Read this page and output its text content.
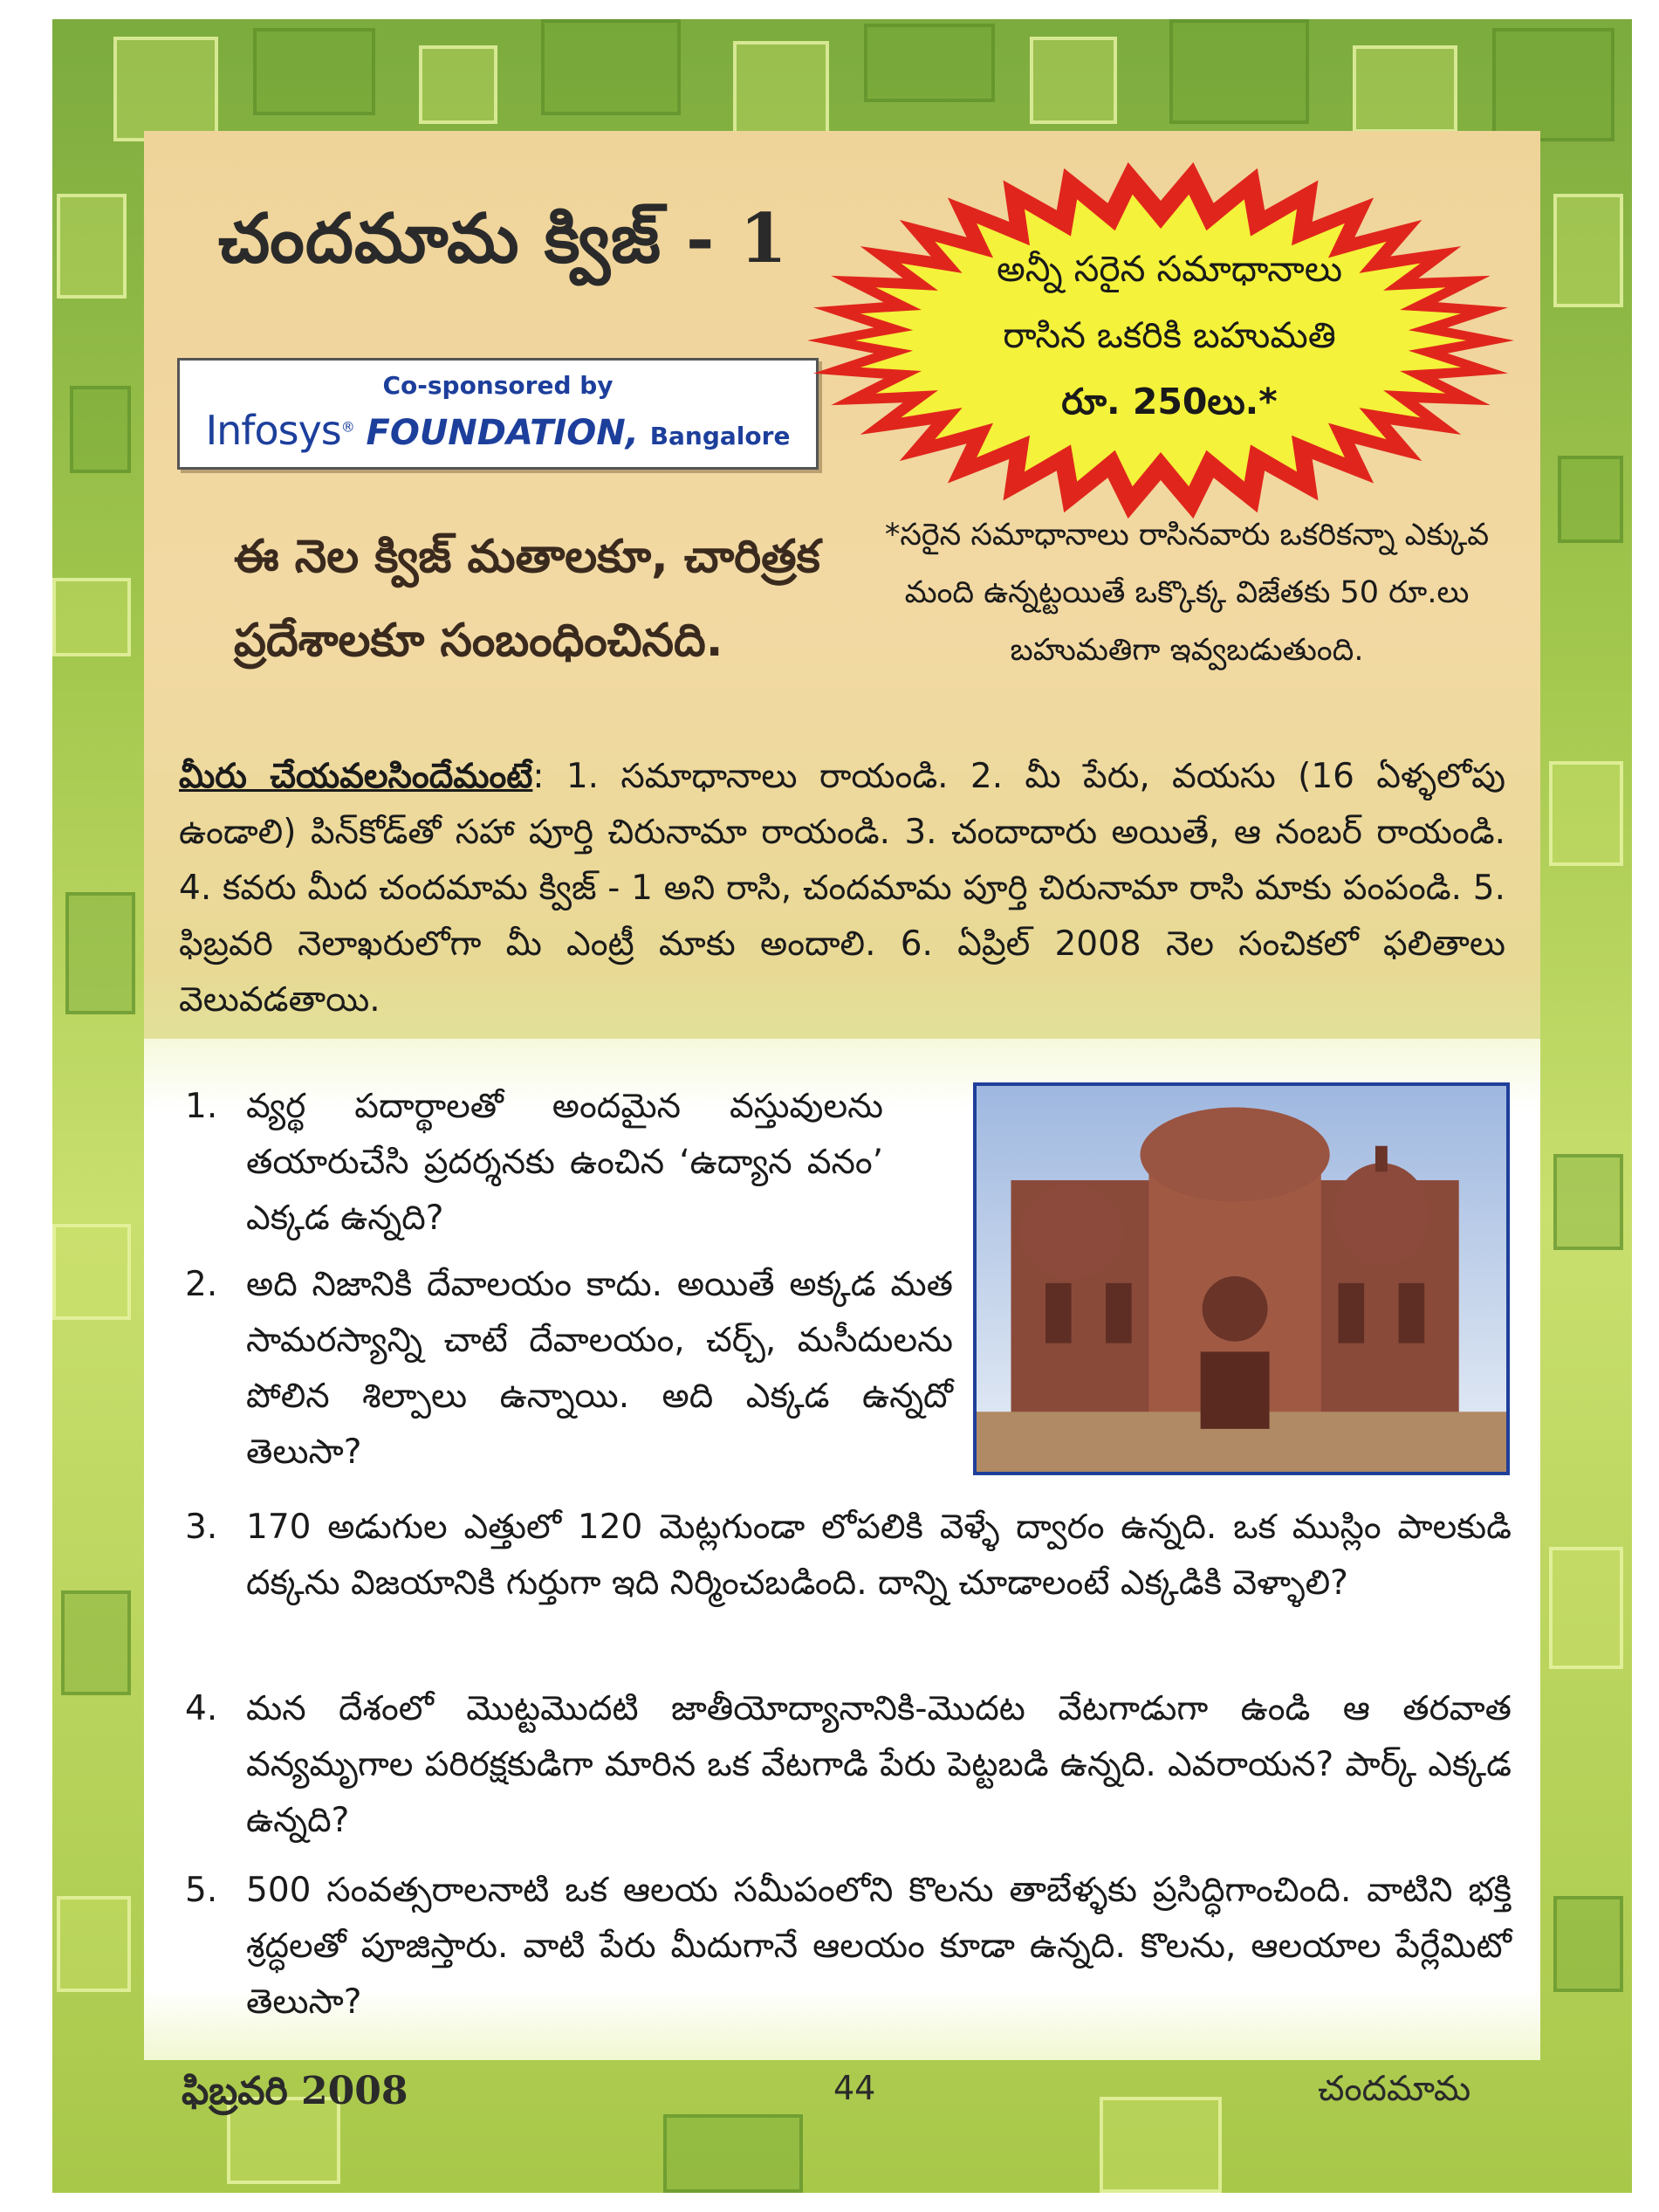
చందమామ క్విజ్ - 1
Co-sponsored by
Infosys® FOUNDATION, Bangalore
అన్నీ సరైన సమాధానాలు
రాసిన ఒకరికి బహుమతి
రూ. 250లు.*
ఈ నెల క్విజ్ మతాలకూ, చారిత్రక ప్రదేశాలకూ సంబంధించినది.
*సరైన సమాధానాలు రాసినవారు ఒకరికన్నా ఎక్కువ మంది ఉన్నట్టయితే ఒక్కొక్క విజేతకు 50 రూ.లు బహుమతిగా ఇవ్వబడుతుంది.
మీరు చేయవలసిందేమంటే: 1. సమాధానాలు రాయండి. 2. మీ పేరు, వయసు (16 ఏళ్ళలోపు ఉండాలి) పిన్‌కోడ్‌తో సహా పూర్తి చిరునామా రాయండి. 3. చందాదారు అయితే, ఆ నంబర్ రాయండి. 4. కవరు మీద చందమామ క్విజ్ - 1 అని రాసి, చందమామ పూర్తి చిరునామా రాసి మాకు పంపండి. 5. ఫిబ్రవరి నెలాఖరులోగా మీ ఎంట్రీ మాకు అందాలి. 6. ఏప్రిల్ 2008 నెల సంచికలో ఫలితాలు వెలువడతాయి.
1. వ్యర్థ పదార్థాలతో అందమైన వస్తువులను తయారుచేసి ప్రదర్శనకు ఉంచిన ‘ఉద్యాన వనం’ ఎక్కడ ఉన్నది?
2. అది నిజానికి దేవాలయం కాదు. అయితే అక్కడ మత సామరస్యాన్ని చాటే దేవాలయం, చర్చ్, మసీదులను పోలిన శిల్పాలు ఉన్నాయి. అది ఎక్కడ ఉన్నదో తెలుసా?
3. 170 అడుగుల ఎత్తులో 120 మెట్లగుండా లోపలికి వెళ్ళే ద్వారం ఉన్నది. ఒక ముస్లిం పాలకుడి దక్కను విజయానికి గుర్తుగా ఇది నిర్మించబడింది. దాన్ని చూడాలంటే ఎక్కడికి వెళ్ళాలి?
4. మన దేశంలో మొట్టమొదటి జాతీయోద్యానానికి-మొదట వేటగాడుగా ఉండి ఆ తరవాత వన్యమృగాల పరిరక్షకుడిగా మారిన ఒక వేటగాడి పేరు పెట్టబడి ఉన్నది. ఎవరాయన? పార్క్ ఎక్కడ ఉన్నది?
5. 500 సంవత్సరాలనాటి ఒక ఆలయ సమీపంలోని కొలను తాబేళ్ళకు ప్రసిద్ధిగాంచింది. వాటిని భక్తి శ్రద్ధలతో పూజిస్తారు. వాటి పేరు మీదుగానే ఆలయం కూడా ఉన్నది. కొలను, ఆలయాల పేర్లేమిటో తెలుసా?
ఫిబ్రవరి 2008	44	చందమామ
